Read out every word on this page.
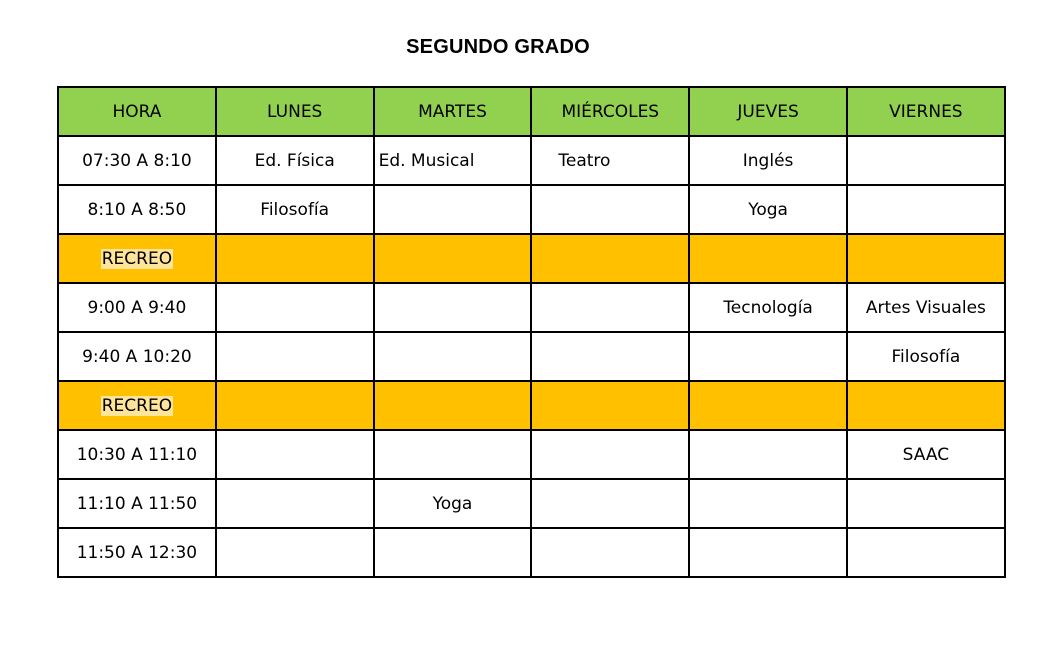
SEGUNDO GRADO
HORA	LUNES	MARTES	MIÉRCOLES	JUEVES	VIERNES
07:30 A 8:10	Ed. Física	Ed. Musical	Teatro	Inglés	
8:10 A 8:50	Filosofía			Yoga	
RECREO					
9:00 A 9:40				Tecnología	Artes Visuales
9:40 A 10:20					Filosofía
RECREO					
10:30 A 11:10					SAAC
11:10 A 11:50		Yoga			
11:50 A 12:30					
